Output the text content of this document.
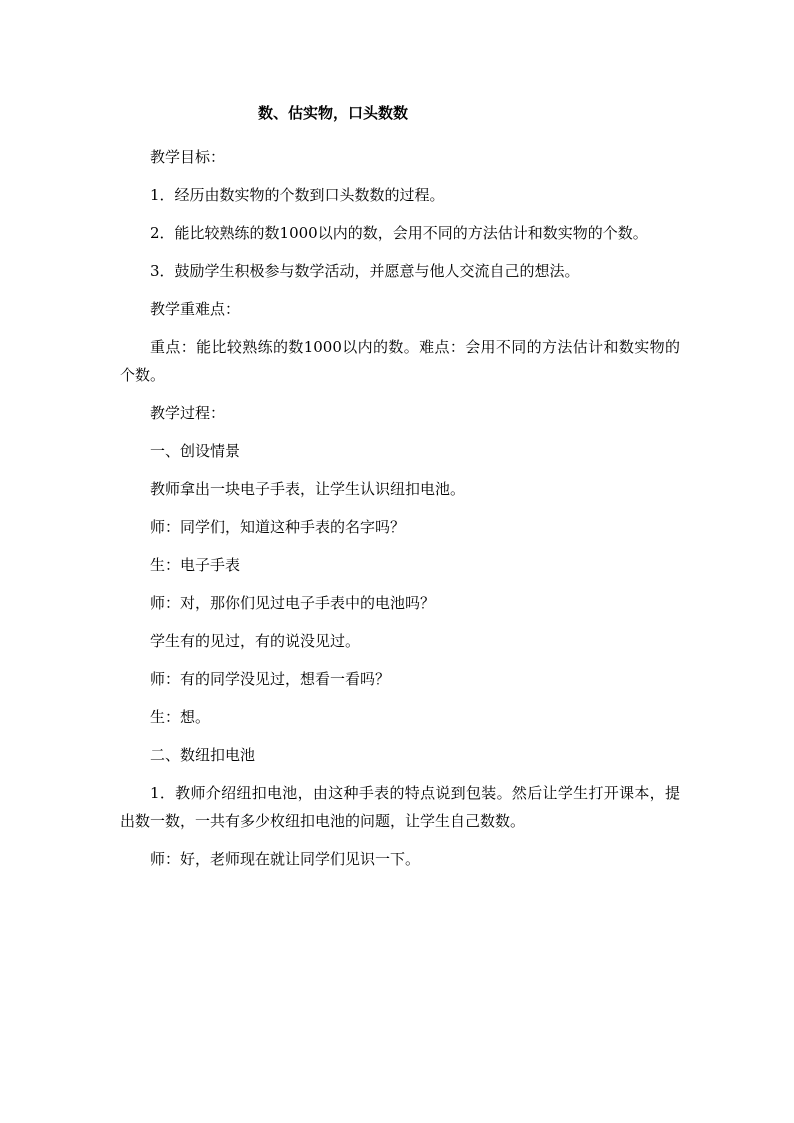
数、估实物，口头数数

教学目标：

1．经历由数实物的个数到口头数数的过程。

2．能比较熟练的数1000以内的数，会用不同的方法估计和数实物的个数。

3．鼓励学生积极参与数学活动，并愿意与他人交流自己的想法。

教学重难点：

重点：能比较熟练的数1000以内的数。难点：会用不同的方法估计和数实物的个数。

教学过程：

一、创设情景

教师拿出一块电子手表，让学生认识纽扣电池。

师：同学们，知道这种手表的名字吗？

生：电子手表

师：对，那你们见过电子手表中的电池吗？

学生有的见过，有的说没见过。

师：有的同学没见过，想看一看吗？

生：想。

二、数纽扣电池

1．教师介绍纽扣电池，由这种手表的特点说到包装。然后让学生打开课本，提出数一数，一共有多少枚纽扣电池的问题，让学生自己数数。

师：好，老师现在就让同学们见识一下。
